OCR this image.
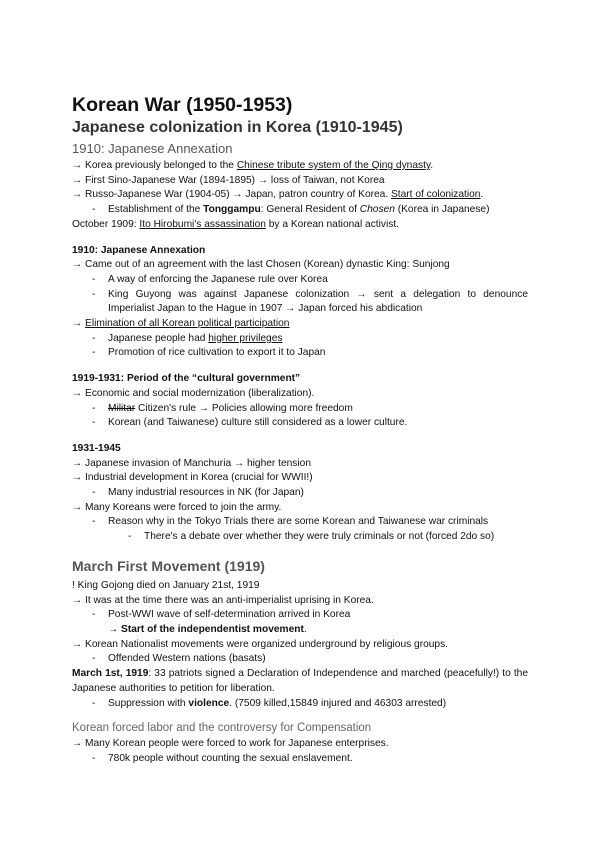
Korean War (1950-1953)
Japanese colonization in Korea (1910-1945)
1910: Japanese Annexation

→ Korea previously belonged to the Chinese tribute system of the Qing dynasty.

→ First Sino-Japanese War (1894-1895) → loss of Taiwan, not Korea

→ Russo-Japanese War (1904-05) → Japan, patron country of Korea. Start of colonization.

- Establishment of the Tonggampu: General Resident of Chosen (Korea in Japanese)

October 1909: Ito Hirobumi's assassination by a Korean national activist.

1910: Japanese Annexation

→ Came out of an agreement with the last Chosen (Korean) dynastic King: Sunjong

- A way of enforcing the Japanese rule over Korea

- King Guyong was against Japanese colonization → sent a delegation to denounce Imperialist Japan to the Hague in 1907 → Japan forced his abdication

→ Elimination of all Korean political participation

- Japanese people had higher privileges

- Promotion of rice cultivation to export it to Japan

1919-1931: Period of the “cultural government”

→ Economic and social modernization (liberalization).

- Militar Citizen's rule → Policies allowing more freedom

- Korean (and Taiwanese) culture still considered as a lower culture.

1931-1945

→ Japanese invasion of Manchuria → higher tension

→ Industrial development in Korea (crucial for WWII!)

- Many industrial resources in NK (for Japan)

→ Many Koreans were forced to join the army.

- Reason why in the Tokyo Trials there are some Korean and Taiwanese war criminals

- There's a debate over whether they were truly criminals or not (forced 2do so)

March First Movement (1919)

! King Gojong died on January 21st, 1919

→ It was at the time there was an anti-imperialist uprising in Korea.

- Post-WWI wave of self-determination arrived in Korea

→ Start of the independentist movement.

→ Korean Nationalist movements were organized underground by religious groups.

- Offended Western nations (basats)

March 1st, 1919: 33 patriots signed a Declaration of Independence and marched (peacefully!) to the Japanese authorities to petition for liberation.

- Suppression with violence. (7509 killed,15849 injured and 46303 arrested)

Korean forced labor and the controversy for Compensation

→ Many Korean people were forced to work for Japanese enterprises.

- 780k people without counting the sexual enslavement.
